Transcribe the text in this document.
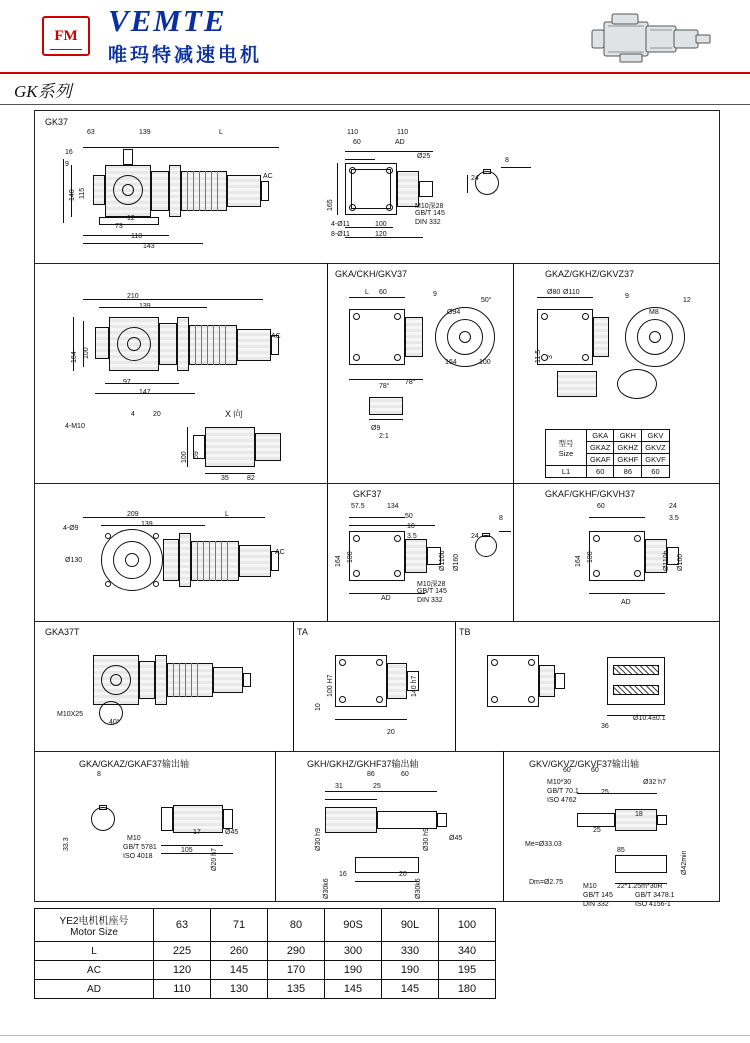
FM VEMTE
唯玛特减速电机
GK系列
GK37
63	139	L
16
9
140 115
12
73
110
143
AC
110	110
60	AD
165
Ø25
4-Ø11	100
120
8-Ø11
M10深28
GB/T 145
DIN 332
8
24
GKA/CKH/GKV37	GKAZ/GKHZ/GKVZ37
210
139
164 100
97
147
AC
X 向
4-M10
4	20
100 69
35	82
L 60	9
Ø94
50°
164	100
78°
78°
Ø9
Ø80 Ø110
9
M8
12
11.5 3
2:1
型号
Size	GKA	GKH	GKV
	GKAZ	GKHZ	GKVZ
	GKAF	GKHF	GKVF
L1	60	86	60
GKF37	GKAF/GKHF/GKVH37
209
139
L
4-Ø9
Ø130
AC
57.5	134
50
10
3.5
164 100	Ø110b Ø160
AD
M10深28
GB/T 145
DIN 332
8
24
60	24
3.5
164 100	Ø110b Ø160
AD
GKA37T	TA	TB
M10X25
40°
100 H7	140 h7
10
20
36
Ø10.4±0.1
GKA/GKAZ/GKAF37输出轴	GKH/GKHZ/GKHF37输出轴	GKV/GKVZ/GKVF37输出轴
8
33.3	M10
GB/T 5781
ISO 4018
17
105	Ø20 h7
Ø45
86	60
31	25
Ø30 h9	Ø30 h9	Ø45
16	20
Ø30k6	Ø30k6
60	60
M10*30
GB/T 70.1
ISO 4762
Ø32 h7
25
18
25
Me=Ø33.03
Dm=Ø2.75
85	Ø42min
M10	22*1.25m*30R
GB/T 145	GB/T 3478.1
DIN 332	ISO 4156-1
YE2电机机座号
Motor Size	63	71	80	90S	90L	100	
L	225	260	290	300	330	340	
AC	120	145	170	190	190	195	
AD	110	130	135	145	145	180	
